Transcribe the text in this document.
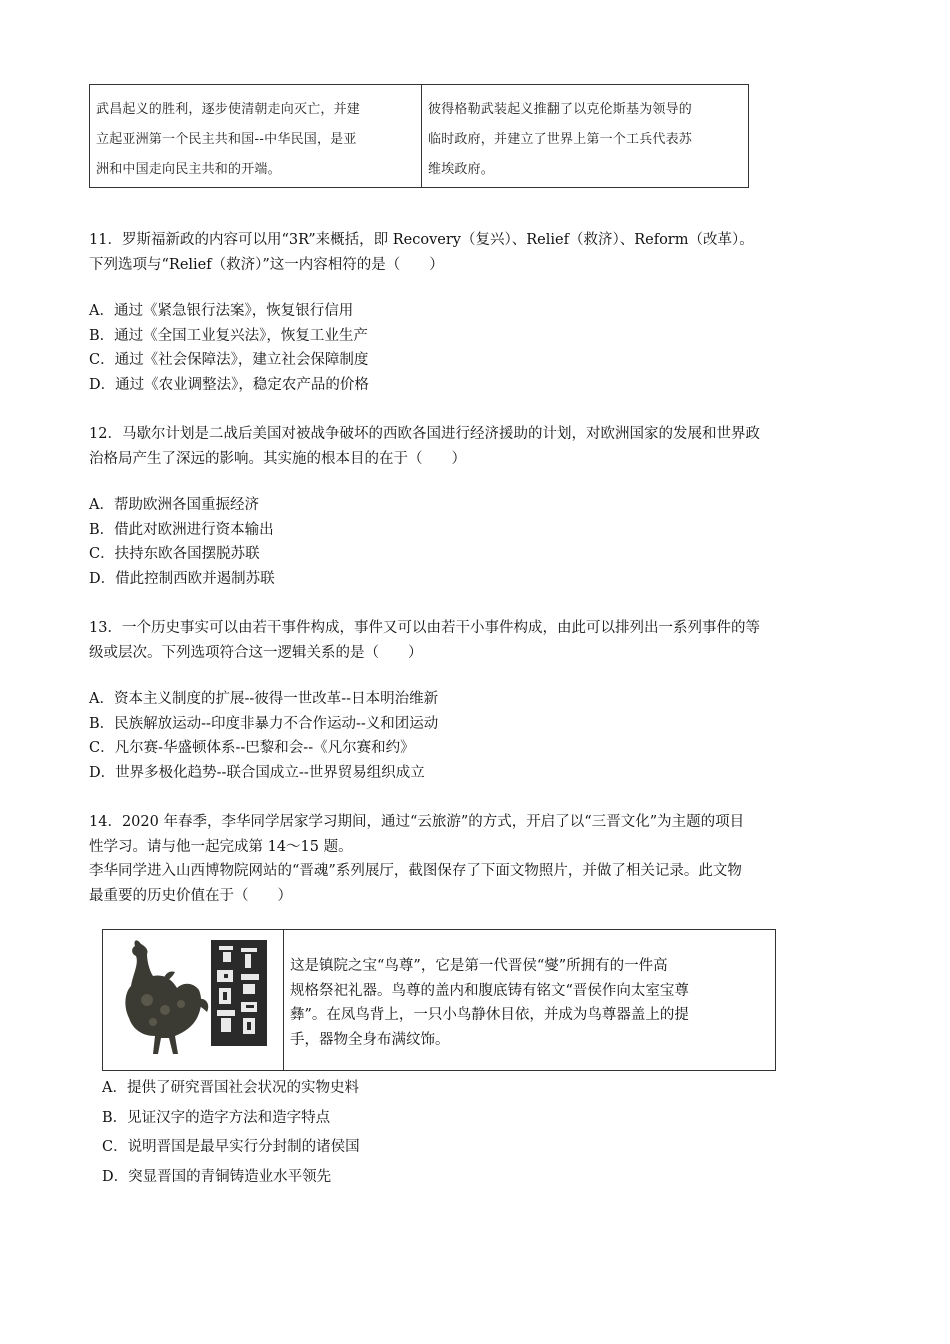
武昌起义的胜利，逐步使清朝走向灭亡，并建

立起亚洲第一个民主共和国--中华民国，是亚

洲和中国走向民主共和的开端。

彼得格勒武装起义推翻了以克伦斯基为领导的

临时政府，并建立了世界上第一个工兵代表苏

维埃政府。

11．罗斯福新政的内容可以用“3R”来概括，即 Recovery（复兴）、Relief（救济）、Reform（改革）。

下列选项与“Relief（救济）”这一内容相符的是（　　）

A．通过《紧急银行法案》，恢复银行信用

B．通过《全国工业复兴法》，恢复工业生产

C．通过《社会保障法》，建立社会保障制度

D．通过《农业调整法》，稳定农产品的价格

12．马歇尔计划是二战后美国对被战争破坏的西欧各国进行经济援助的计划，对欧洲国家的发展和世界政

治格局产生了深远的影响。其实施的根本目的在于（　　）

A．帮助欧洲各国重振经济

B．借此对欧洲进行资本输出

C．扶持东欧各国摆脱苏联

D．借此控制西欧并遏制苏联

13．一个历史事实可以由若干事件构成，事件又可以由若干小事件构成，由此可以排列出一系列事件的等

级或层次。下列选项符合这一逻辑关系的是（　　）

A．资本主义制度的扩展--彼得一世改革--日本明治维新

B．民族解放运动--印度非暴力不合作运动--义和团运动

C．凡尔赛-华盛顿体系--巴黎和会--《凡尔赛和约》

D．世界多极化趋势--联合国成立--世界贸易组织成立

14．2020 年春季，李华同学居家学习期间，通过“云旅游”的方式，开启了以“三晋文化”为主题的项目

性学习。请与他一起完成第 14～15 题。

李华同学进入山西博物院网站的“晋魂”系列展厅，截图保存了下面文物照片，并做了相关记录。此文物

最重要的历史价值在于（　　）

这是镇院之宝“鸟尊”，它是第一代晋侯“燮”所拥有的一件高

规格祭祀礼器。鸟尊的盖内和腹底铸有铭文“晋侯作向太室宝尊

彝”。在凤鸟背上，一只小鸟静休目依，并成为鸟尊器盖上的提

手，器物全身布满纹饰。

A．提供了研究晋国社会状况的实物史料

B．见证汉字的造字方法和造字特点

C．说明晋国是最早实行分封制的诸侯国

D．突显晋国的青铜铸造业水平领先
